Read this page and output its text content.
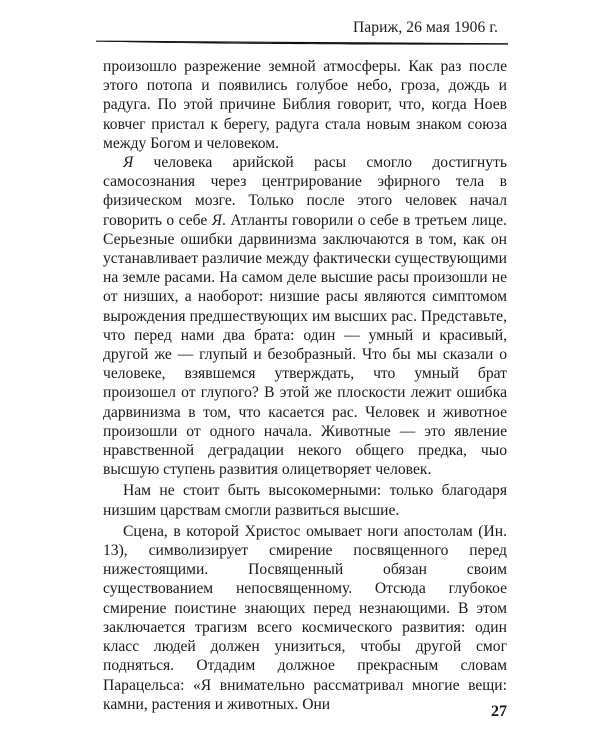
Париж, 26 мая 1906 г.

произошло разрежение земной атмосферы. Как раз после этого потопа и появились голубое небо, гроза, дождь и радуга. По этой причине Библия говорит, что, когда Ноев ковчег пристал к берегу, радуга стала новым знаком союза между Богом и человеком.

Я человека арийской расы смогло достигнуть самосознания через центрирование эфирного тела в физическом мозге. Только после этого человек начал говорить о себе Я. Атланты говорили о себе в третьем лице. Серьезные ошибки дарвинизма заключаются в том, как он устанавливает различие между фактически существующими на земле расами. На самом деле высшие расы произошли не от низших, а наоборот: низшие расы являются симптомом вырождения предшествующих им высших рас. Представьте, что перед нами два брата: один — умный и красивый, другой же — глупый и безобразный. Что бы мы сказали о человеке, взявшемся утверждать, что умный брат произошел от глупого? В этой же плоскости лежит ошибка дарвинизма в том, что касается рас. Человек и животное произошли от одного начала. Животные — это явление нравственной деградации некого общего предка, чыо высшую ступень развития олицетворяет человек.

Нам не стоит быть высокомерными: только благодаря низшим царствам смогли развиться высшие.

Сцена, в которой Христос омывает ноги апостолам (Ин. 13), символизирует смирение посвященного перед нижестоящими. Посвященный обязан своим существованием непосвященному. Отсюда глубокое смирение поистине знающих перед незнающими. В этом заключается трагизм всего космического развития: один класс людей должен унизиться, чтобы другой смог подняться. Отдадим должное прекрасным словам Парацельса: «Я внимательно рассматривал многие вещи: камни, растения и животных. Они	27
